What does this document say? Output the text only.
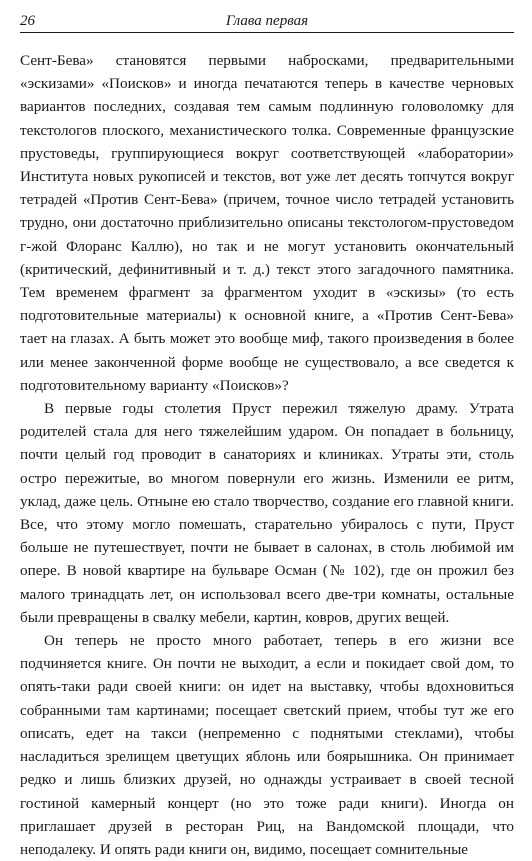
26	Глава первая

Сент-Бева» становятся первыми набросками, предварительными «эскизами» «Поисков» и иногда печатаются теперь в качестве черновых вариантов последних, создавая тем самым подлинную головоломку для текстологов плоского, механистического толка. Современные французские прустоведы, группирующиеся вокруг соответствующей «лаборатории» Института новых рукописей и текстов, вот уже лет десять топчутся вокруг тетрадей «Против Сент-Бева» (причем, точное число тетрадей установить трудно, они достаточно приблизительно описаны текстологом-прустоведом г-жой Флоранс Каллю), но так и не могут установить окончательный (критический, дефинитивный и т. д.) текст этого загадочного памятника. Тем временем фрагмент за фрагментом уходит в «эскизы» (то есть подготовительные материалы) к основной книге, а «Против Сент-Бева» тает на глазах. А быть может это вообще миф, такого произведения в более или менее законченной форме вообще не существовало, а все сведется к подготовительному варианту «Поисков»?

В первые годы столетия Пруст пережил тяжелую драму. Утрата родителей стала для него тяжелейшим ударом. Он попадает в больницу, почти целый год проводит в санаториях и клиниках. Утраты эти, столь остро пережитые, во многом повернули его жизнь. Изменили ее ритм, уклад, даже цель. Отныне ею стало творчество, создание его главной книги. Все, что этому могло помешать, старательно убиралось с пути, Пруст больше не путешествует, почти не бывает в салонах, в столь любимой им опере. В новой квартире на бульваре Осман (№ 102), где он прожил без малого тринадцать лет, он использовал всего две-три комнаты, остальные были превращены в свалку мебели, картин, ковров, других вещей.

Он теперь не просто много работает, теперь в его жизни все подчиняется книге. Он почти не выходит, а если и покидает свой дом, то опять-таки ради своей книги: он идет на выставку, чтобы вдохновиться собранными там картинами; посещает светский прием, чтобы тут же его описать, едет на такси (непременно с поднятыми стеклами), чтобы насладиться зрелищем цветущих яблонь или боярышника. Он принимает редко и лишь близких друзей, но однажды устраивает в своей тесной гостиной камерный концерт (но это тоже ради книги). Иногда он приглашает друзей в ресторан Риц, на Вандомской площади, что неподалеку. И опять ради книги он, видимо, посещает сомнительные
